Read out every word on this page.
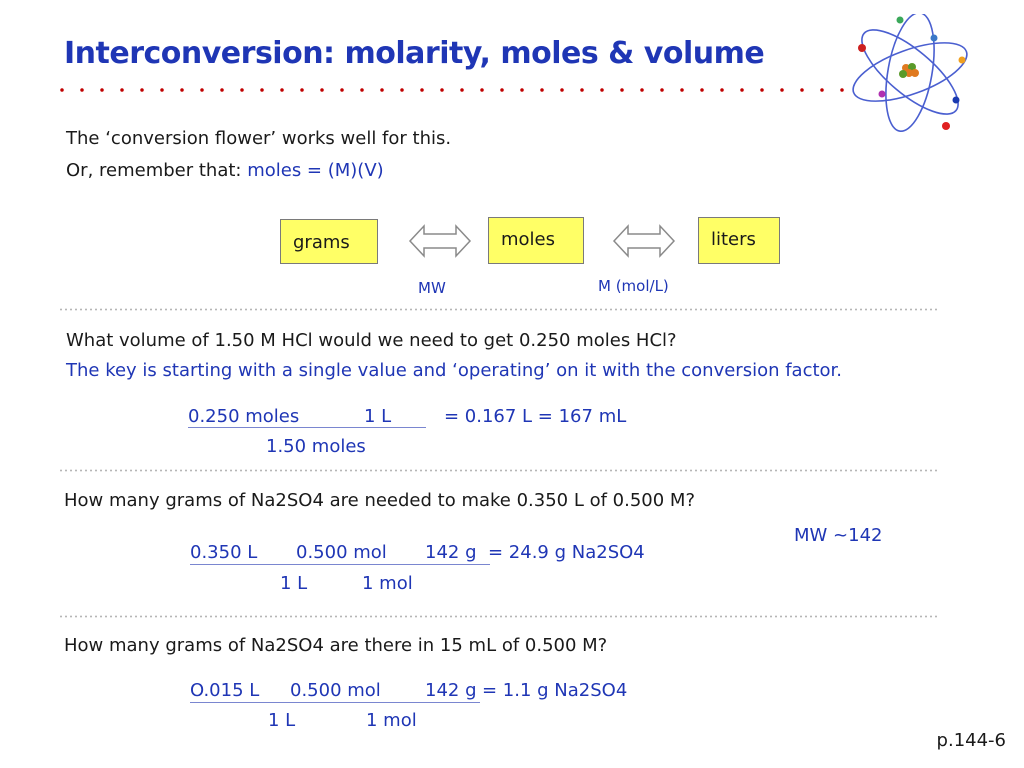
Interconversion: molarity, moles & volume
The ‘conversion flower’ works well for this.
Or, remember that: moles = (M)(V)
grams	moles	liters
MW	M (mol/L)
What volume of 1.50 M HCl would we need to get 0.250 moles HCl?
The key is starting with a single value and ‘operating’ on it with the conversion factor.
0.250 moles	1 L	= 0.167 L = 167 mL
1.50 moles
How many grams of Na2SO4 are needed to make 0.350 L of 0.500 M?
MW ~142
0.350 L 0.500 mol 142 g = 24.9 g Na2SO4
1 L	1 mol
How many grams of Na2SO4 are there in 15 mL of 0.500 M?
O.015 L 0.500 mol 142 g = 1.1 g Na2SO4
1 L	1 mol
p.144-6
